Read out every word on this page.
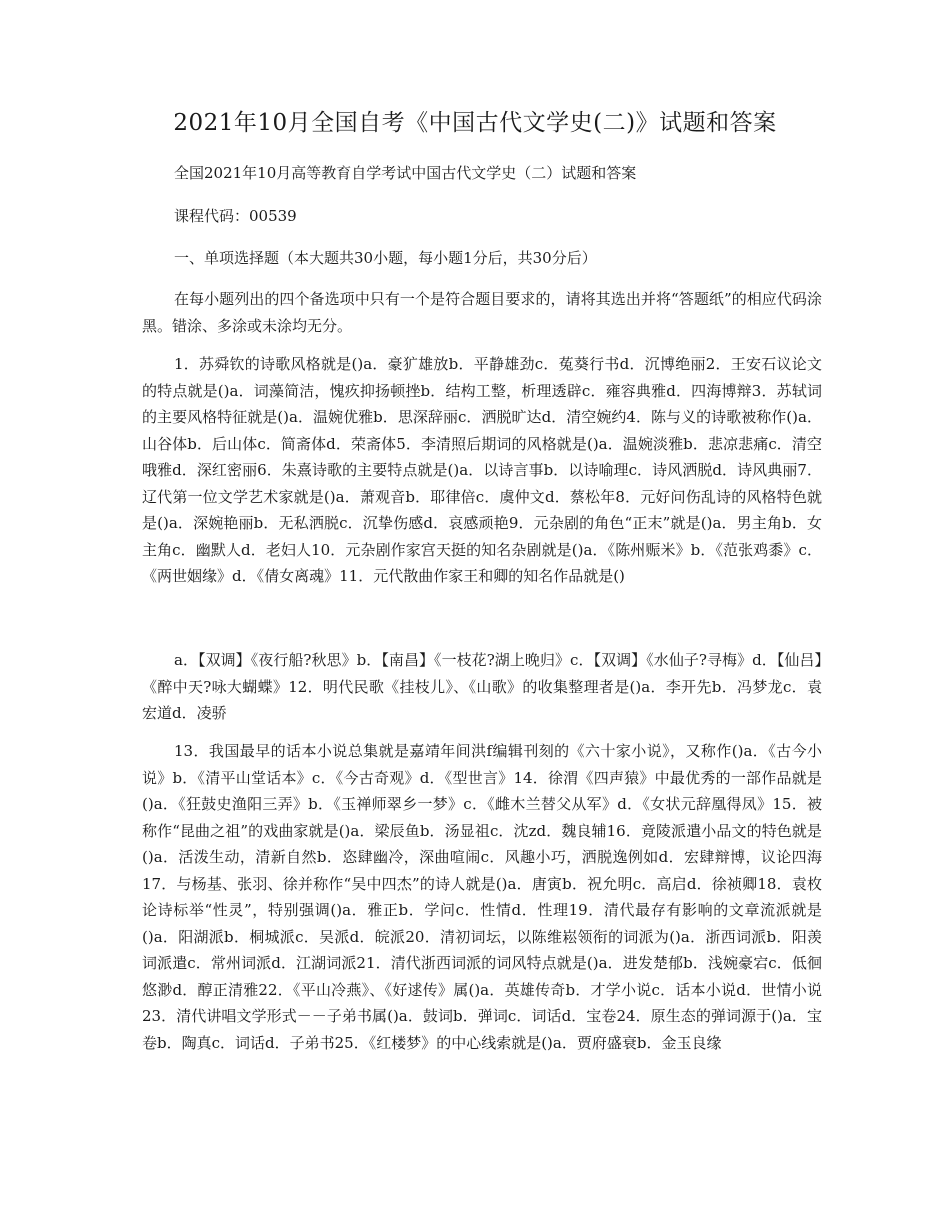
2021年10月全国自考《中国古代文学史(二)》试题和答案

全国2021年10月高等教育自学考试中国古代文学史（二）试题和答案

课程代码：00539

一、单项选择题（本大题共30小题，每小题1分后，共30分后）

在每小题列出的四个备选项中只有一个是符合题目要求的，请将其选出并将“答题纸”的相应代码涂黑。错涂、多涂或未涂均无分。

1．苏舜钦的诗歌风格就是()a．豪犷雄放b．平静雄劲c．菟葵行书d．沉博绝丽2．王安石议论文的特点就是()a．词藻简洁，愧疚抑扬顿挫b．结构工整，析理透辟c．雍容典雅d．四海博辩3．苏轼词的主要风格特征就是()a．温婉优雅b．思深辞丽c．洒脱旷达d．清空婉约4．陈与义的诗歌被称作()a．山谷体b．后山体c．简斋体d．荣斋体5．李清照后期词的风格就是()a．温婉淡雅b．悲凉悲痛c．清空哦雅d．深红密丽6．朱熹诗歌的主要特点就是()a．以诗言事b．以诗喻理c．诗风洒脱d．诗风典丽7．辽代第一位文学艺术家就是()a．萧观音b．耶律倍c．虞仲文d．蔡松年8．元好问伤乱诗的风格特色就是()a．深婉艳丽b．无私洒脱c．沉挚伤感d．哀感顽艳9．元杂剧的角色“正末”就是()a．男主角b．女主角c．幽默人d．老妇人10．元杂剧作家宫天挺的知名杂剧就是()a．《陈州赈米》b．《范张鸡黍》c．《两世姻缘》d．《倩女离魂》11．元代散曲作家王和卿的知名作品就是()

a．【双调】《夜行船?秋思》b．【南昌】《一枝花?湖上晚归》c．【双调】《水仙子?寻梅》d．【仙吕】《醉中天?咏大蝴蝶》12．明代民歌《挂枝儿》、《山歌》的收集整理者是()a．李开先b．冯梦龙c．袁宏道d．凌骄

13．我国最早的话本小说总集就是嘉靖年间洪f编辑刊刻的《六十家小说》，又称作()a．《古今小说》b．《清平山堂话本》c．《今古奇观》d．《型世言》14．徐渭《四声猿》中最优秀的一部作品就是()a．《狂鼓史渔阳三弄》b．《玉禅师翠乡一梦》c．《雌木兰替父从军》d．《女状元辞凰得凤》15．被称作“昆曲之祖”的戏曲家就是()a．梁辰鱼b．汤显祖c．沈zd．魏良辅16．竟陵派遣小品文的特色就是()a．活泼生动，清新自然b．恣肆幽冷，深曲喧闹c．风趣小巧，洒脱逸例如d．宏肆辩博，议论四海17．与杨基、张羽、徐并称作“吴中四杰”的诗人就是()a．唐寅b．祝允明c．高启d．徐祯卿18．袁枚论诗标举“性灵”，特别强调()a．雅正b．学问c．性情d．性理19．清代最存有影响的文章流派就是()a．阳湖派b．桐城派c．吴派d．皖派20．清初词坛，以陈维崧领衔的词派为()a．浙西词派b．阳羡词派遣c．常州词派d．江湖词派21．清代浙西词派的词风特点就是()a．进发楚郁b．浅婉豪宕c．低徊悠渺d．醇正清雅22．《平山冷燕》、《好逑传》属()a．英雄传奇b．才学小说c．话本小说d．世情小说23．清代讲唱文学形式－－子弟书属()a．鼓词b．弹词c．词话d．宝卷24．原生态的弹词源于()a．宝卷b．陶真c．词话d．子弟书25．《红楼梦》的中心线索就是()a．贾府盛衰b．金玉良缘
